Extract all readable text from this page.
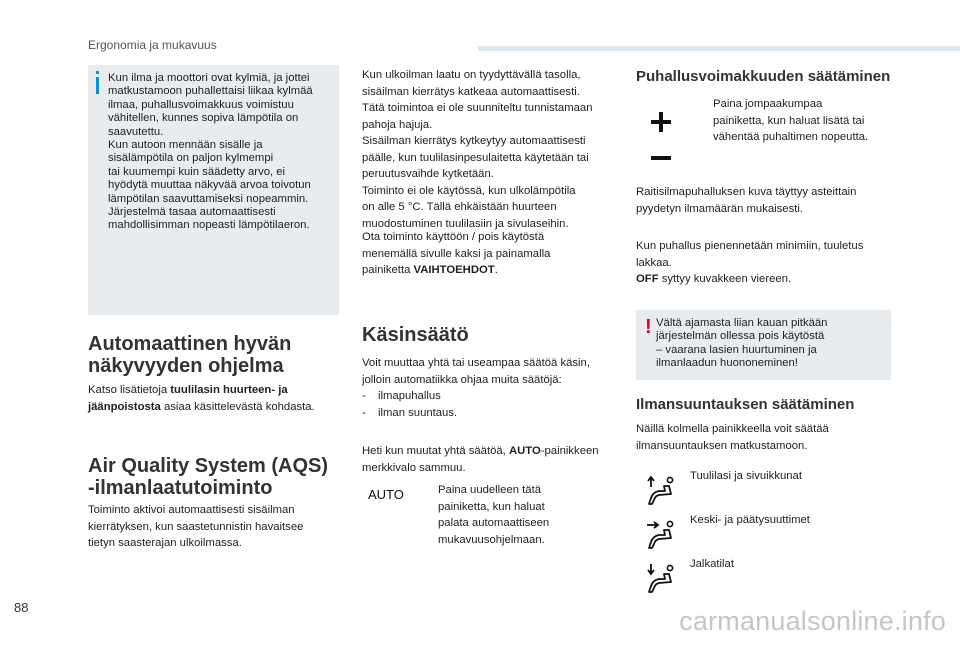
Ergonomia ja mukavuus
Kun ilma ja moottori ovat kylmiä, ja jottei
matkustamoon puhallettaisi liikaa kylmää
ilmaa, puhallusvoimakkuus voimistuu
vähitellen, kunnes sopiva lämpötila on
saavutettu.
Kun autoon mennään sisälle ja
sisälämpötila on paljon kylmempi
tai kuumempi kuin säädetty arvo, ei
hyödytä muuttaa näkyvää arvoa toivotun
lämpötilan saavuttamiseksi nopeammin.
Järjestelmä tasaa automaattisesti
mahdollisimman nopeasti lämpötilaeron.
Automaattinen hyvän
näkyvyyden ohjelma
Katso lisätietoja tuulilasin huurteen- ja
jäänpoistosta asiaa käsittelevästä kohdasta.
Air Quality System (AQS)
-ilmanlaatutoiminto
Toiminto aktivoi automaattisesti sisäilman
kierrätyksen, kun saastetunnistin havaitsee
tietyn saasterajan ulkoilmassa.
Kun ulkoilman laatu on tyydyttävällä tasolla,
sisäilman kierrätys katkeaa automaattisesti.
Tätä toimintoa ei ole suunniteltu tunnistamaan
pahoja hajuja.
Sisäilman kierrätys kytkeytyy automaattisesti
päälle, kun tuulilasinpesulaitetta käytetään tai
peruutusvaihde kytketään.
Toiminto ei ole käytössä, kun ulkolämpötila
on alle 5 °C. Tällä ehkäistään huurteen
muodostuminen tuulilasiin ja sivulaseihin.
Ota toiminto käyttöön / pois käytöstä
menemällä sivulle kaksi ja painamalla
painiketta VAIHTOEHDOT.
Käsinsäätö
Voit muuttaa yhtä tai useampaa säätöä käsin,
jolloin automatiikka ohjaa muita säätöjä:
- ilmapuhallus
- ilman suuntaus.
Heti kun muutat yhtä säätöä, AUTO-painikkeen
merkkivalo sammuu.
AUTO	Paina uudelleen tätä
painiketta, kun haluat
palata automaattiseen
mukavuusohjelmaan.
Puhallusvoimakkuuden säätäminen
Paina jompaakumpaa
painiketta, kun haluat lisätä tai
vähentää puhaltimen nopeutta.
Raitisilmapuhalluksen kuva täyttyy asteittain
pyydetyn ilmamäärän mukaisesti.
Kun puhallus pienennetään minimiin, tuuletus
lakkaa.
OFF syttyy kuvakkeen viereen.
! Vältä ajamasta liian kauan pitkään
järjestelmän ollessa pois käytöstä
– vaarana lasien huurtuminen ja
ilmanlaadun huononeminen!
Ilmansuuntauksen säätäminen
Näillä kolmella painikkeella voit säätää
ilmansuuntauksen matkustamoon.
Tuulilasi ja sivuikkunat
Keski- ja päätysuuttimet
Jalkatilat
88	carmanualsonline.info
